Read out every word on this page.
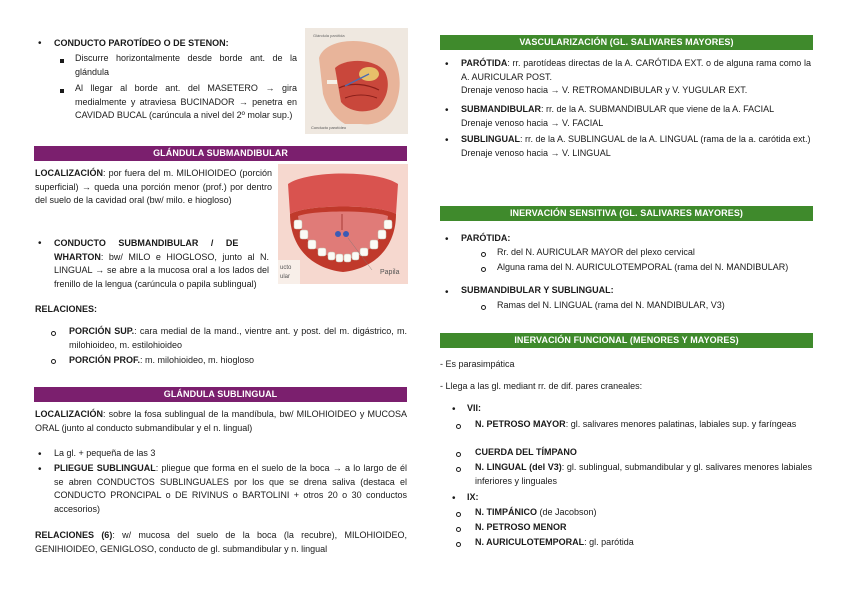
• CONDUCTO PAROTÍDEO O DE STENON:
Discurre horizontalmente desde borde ant. de la glándula
Al llegar al borde ant. del MASETERO → gira medialmente y atraviesa BUCINADOR → penetra en CAVIDAD BUCAL (carúncula a nivel del 2º molar sup.)
Glándula parótida
Conducto parotídeo
GLÁNDULA SUBMANDIBULAR
ucto
ular
Papila
LOCALIZACIÓN: por fuera del m. MILOHIOIDEO (porción superficial) → queda una porción menor (prof.) por dentro del suelo de la cavidad oral (bw/ milo. e hiogloso)
• CONDUCTO     SUBMANDIBULAR     /     DE
WHARTON: bw/ MILO e HIOGLOSO, junto al N. LINGUAL → se abre a la mucosa oral a los lados del frenillo de la lengua (carúncula o papila sublingual)
RELACIONES:
PORCIÓN SUP.: cara medial de la mand., vientre ant. y post. del m. digástrico, m. milohioideo, m. estilohioideo
PORCIÓN PROF.: m. milohioideo, m. hiogloso
GLÁNDULA SUBLINGUAL
LOCALIZACIÓN: sobre la fosa sublingual de la mandíbula, bw/ MILOHIOIDEO y MUCOSA ORAL (junto al conducto submandibular y el n. lingual)
• La gl. + pequeña de las 3
• PLIEGUE SUBLINGUAL: pliegue que forma en el suelo de la boca → a lo largo de él se abren CONDUCTOS SUBLINGUALES por los que se drena saliva (destaca el CONDUCTO PRONCIPAL o DE RIVINUS o BARTOLINI + otros 20 o 30 conductos accesorios)
RELACIONES (6): w/ mucosa del suelo de la boca (la recubre), MILOHIOIDEO, GENIHIOIDEO, GENIGLOSO, conducto de gl. submandibular y n. lingual
VASCULARIZACIÓN (GL. SALIVARES MAYORES)
• PARÓTIDA: rr. parotídeas directas de la A. CARÓTIDA EXT. o de alguna rama como la A. AURICULAR POST.
Drenaje venoso hacia → V. RETROMANDIBULAR y V. YUGULAR EXT.
• SUBMANDIBULAR: rr. de la A. SUBMANDIBULAR que viene de la A. FACIAL
Drenaje venoso hacia → V. FACIAL
• SUBLINGUAL: rr. de la A. SUBLINGUAL de la A. LINGUAL (rama de la a. carótida ext.)
Drenaje venoso hacia → V. LINGUAL
INERVACIÓN SENSITIVA (GL. SALIVARES MAYORES)
• PARÓTIDA:
Rr. del N. AURICULAR MAYOR del plexo cervical
Alguna rama del N. AURICULOTEMPORAL (rama del N. MANDIBULAR)
• SUBMANDIBULAR Y SUBLINGUAL:
Ramas del N. LINGUAL (rama del N. MANDIBULAR, V3)
INERVACIÓN FUNCIONAL (MENORES Y MAYORES)
- Es parasimpática
- Llega a las gl. mediant rr. de dif. pares craneales:
• VII:
N. PETROSO MAYOR: gl. salivares menores palatinas, labiales sup. y faríngeas
CUERDA DEL TÍMPANO
N. LINGUAL (del V3): gl. sublingual, submandibular y gl. salivares menores labiales inferiores y linguales
• IX:
N. TIMPÁNICO (de Jacobson)
N. PETROSO MENOR
N. AURICULOTEMPORAL: gl. parótida
